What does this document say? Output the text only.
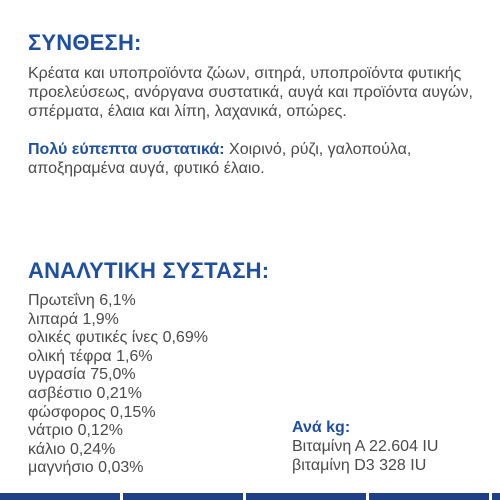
ΣΥΝΘΕΣΗ:

Κρέατα και υποπροϊόντα ζώων, σιτηρά, υποπροϊόντα φυτικής προελεύσεως, ανόργανα συστατικά, αυγά και προϊόντα αυγών, σπέρματα, έλαια και λίπη, λαχανικά, οπώρες.

Πολύ εύπεπτα συστατικά: Χοιρινό, ρύζι, γαλοπούλα, αποξηραμένα αυγά, φυτικό έλαιο.

ΑΝΑΛΥΤΙΚΗ ΣΥΣΤΑΣΗ:
Πρωτεΐνη 6,1%
λιπαρά 1,9%
ολικές φυτικές ίνες 0,69%
ολική τέφρα 1,6%
υγρασία 75,0%
ασβέστιο 0,21%
φώσφορος 0,15%
νάτριο 0,12%
κάλιο 0,24%
μαγνήσιο 0,03%
Ανά kg:
Βιταμίνη Α 22.604 IU
βιταμίνη D3 328 IU
